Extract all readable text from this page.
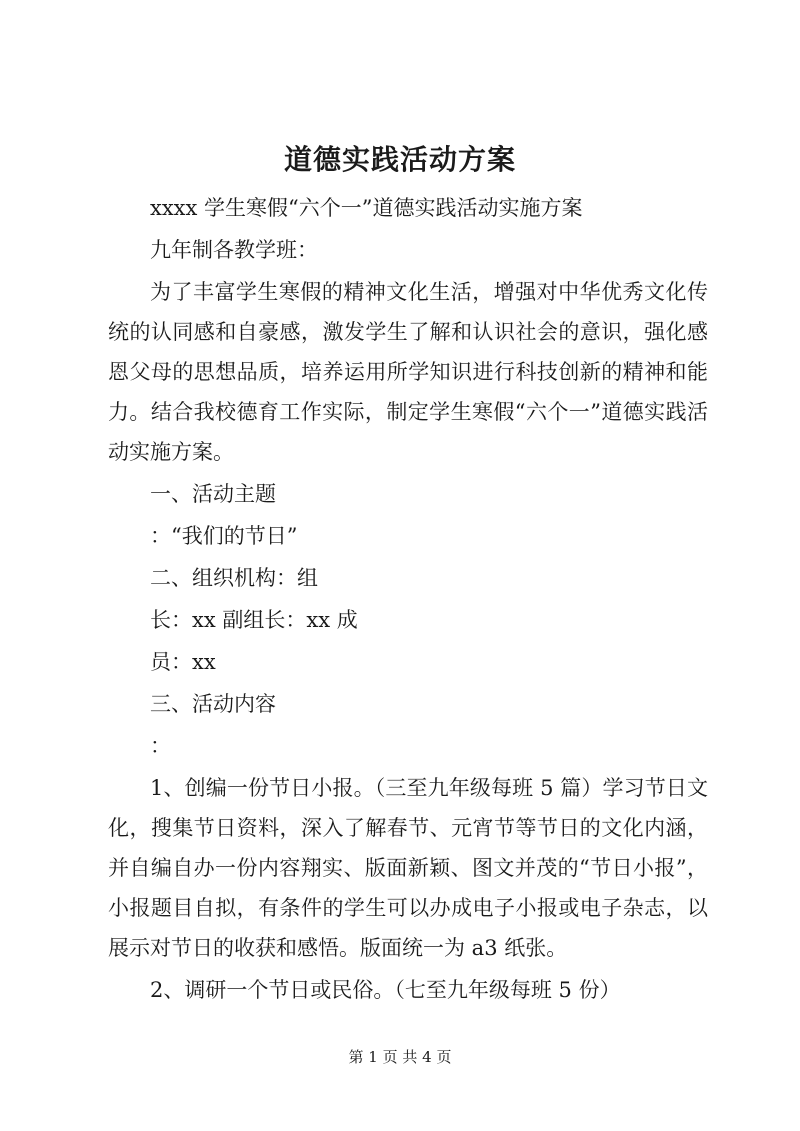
道德实践活动方案

xxxx 学生寒假“六个一”道德实践活动实施方案

九年制各教学班：

为了丰富学生寒假的精神文化生活，增强对中华优秀文化传统的认同感和自豪感，激发学生了解和认识社会的意识，强化感恩父母的思想品质，培养运用所学知识进行科技创新的精神和能力。结合我校德育工作实际，制定学生寒假“六个一”道德实践活动实施方案。

一、活动主题

：“我们的节日”

二、组织机构：组

长：xx 副组长：xx 成

员：xx

三、活动内容

：

1、创编一份节日小报。（三至九年级每班 5 篇）学习节日文化，搜集节日资料，深入了解春节、元宵节等节日的文化内涵，并自编自办一份内容翔实、版面新颖、图文并茂的“节日小报”，小报题目自拟，有条件的学生可以办成电子小报或电子杂志，以展示对节日的收获和感悟。版面统一为 a3 纸张。

2、调研一个节日或民俗。（七至九年级每班 5 份）

第 1 页 共 4 页
